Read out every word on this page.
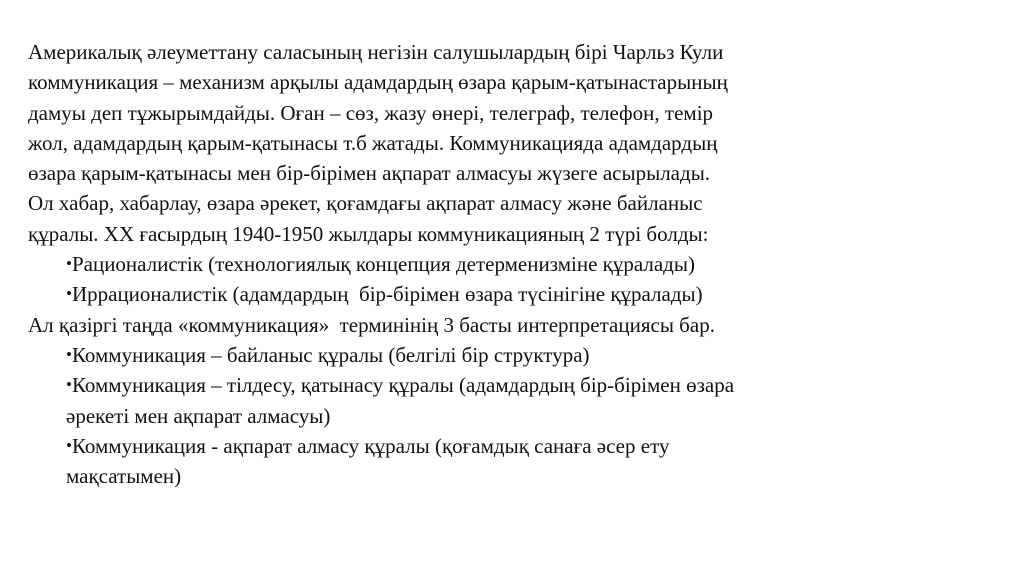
Америкалық әлеуметтану саласының негізін салушылардың бірі Чарльз Кули
коммуникация – механизм арқылы адамдардың өзара қарым-қатынастарының
дамуы деп тұжырымдайды. Оған – сөз, жазу өнері, телеграф, телефон, темір
жол, адамдардың қарым-қатынасы т.б жатады. Коммуникацияда адамдардың
өзара қарым-қатынасы мен бір-бірімен ақпарат алмасуы жүзеге асырылады.
Ол хабар, хабарлау, өзара әрекет, қоғамдағы ақпарат алмасу және байланыс
құралы. XX ғасырдың 1940-1950 жылдары коммуникацияның 2 түрі болды:

•Рационалистік (технологиялық концепция детерменизміне құралады)
•Иррационалистік (адамдардың  бір-бірімен өзара түсінігіне құралады)

Ал қазіргі таңда «коммуникация»  терминінің 3 басты интерпретациясы бар.

•Коммуникация – байланыс құралы (белгілі бір структура)
•Коммуникация – тілдесу, қатынасу құралы (адамдардың бір-бірімен өзара
әрекеті мен ақпарат алмасуы)
•Коммуникация - ақпарат алмасу құралы (қоғамдық санаға әсер ету
мақсатымен)
